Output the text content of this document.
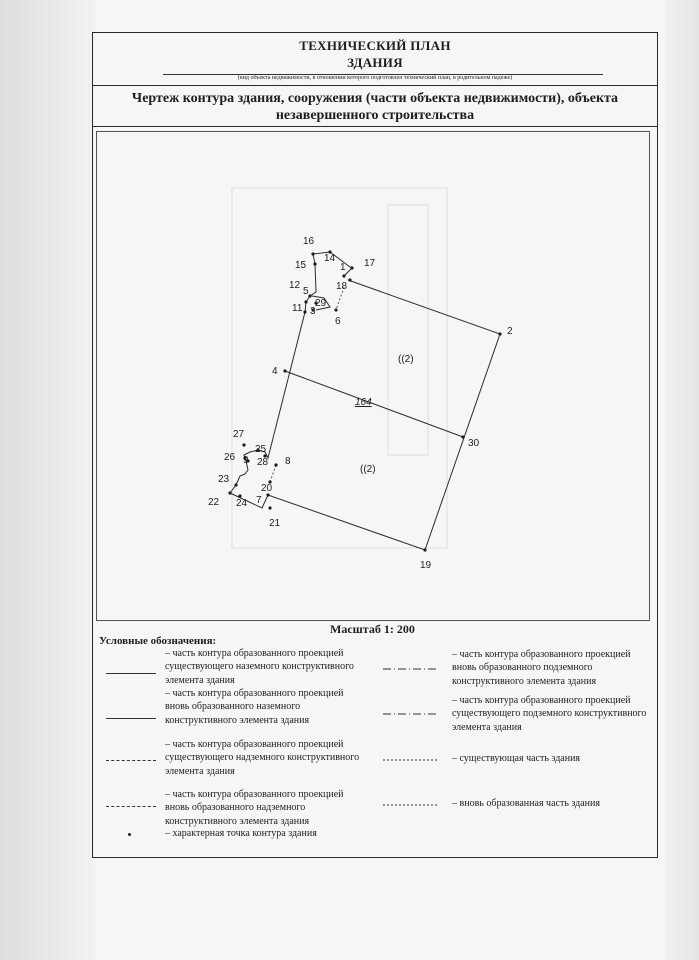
ТЕХНИЧЕСКИЙ ПЛАН
ЗДАНИЯ
(вид объекта недвижимости, в отношении которого подготовлен технический план, в родительном падеже)
Чертеж контура здания, сооружения (части объекта недвижимости), объекта
незавершенного строительства
1
2
3
4
5
6
7
8
9
11
12
14
15
16
17
18
19
20
21
22
23
24
25
26
27
28
29
30
((2)
((2)
164
Масштаб 1: 200
Условные обозначения:
– часть контура образованного проекцией существующего наземного конструктивного элемента здания
– часть контура образованного проекцией вновь образованного наземного конструктивного элемента здания
– часть контура образованного проекцией существующего надземного конструктивного элемента здания
– часть контура образованного проекцией вновь образованного надземного конструктивного элемента здания
– характерная точка контура здания
– часть контура образованного проекцией вновь образованного подземного конструктивного элемента здания
– часть контура образованного проекцией существующего подземного конструктивного элемента здания
– существующая часть здания
– вновь образованная часть здания
